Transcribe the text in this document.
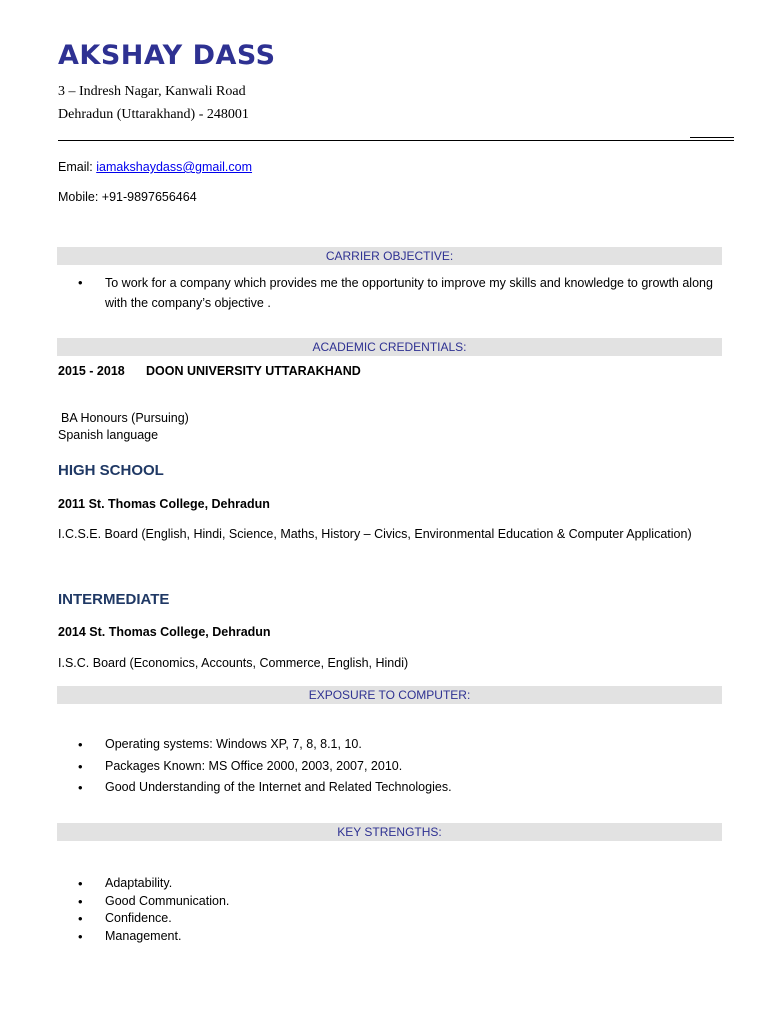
AKSHAY DASS
3 – Indresh Nagar, Kanwali Road
Dehradun (Uttarakhand) - 248001
Email: iamakshaydass@gmail.com
Mobile: +91-9897656464
CARRIER OBJECTIVE:
• To work for a company which provides me the opportunity to improve my skills and knowledge to growth along with the company’s objective .
ACADEMIC CREDENTIALS:
2015 - 2018 DOON UNIVERSITY UTTARAKHAND
BA Honours (Pursuing)
Spanish language
HIGH SCHOOL
2011 St. Thomas College, Dehradun
I.C.S.E. Board (English, Hindi, Science, Maths, History – Civics, Environmental Education & Computer Application)
INTERMEDIATE
2014 St. Thomas College, Dehradun
I.S.C. Board (Economics, Accounts, Commerce, English, Hindi)
EXPOSURE TO COMPUTER:
• Operating systems: Windows XP, 7, 8, 8.1, 10.
• Packages Known: MS Office 2000, 2003, 2007, 2010.
• Good Understanding of the Internet and Related Technologies.
KEY STRENGTHS:
• Adaptability.
• Good Communication.
• Confidence.
• Management.
